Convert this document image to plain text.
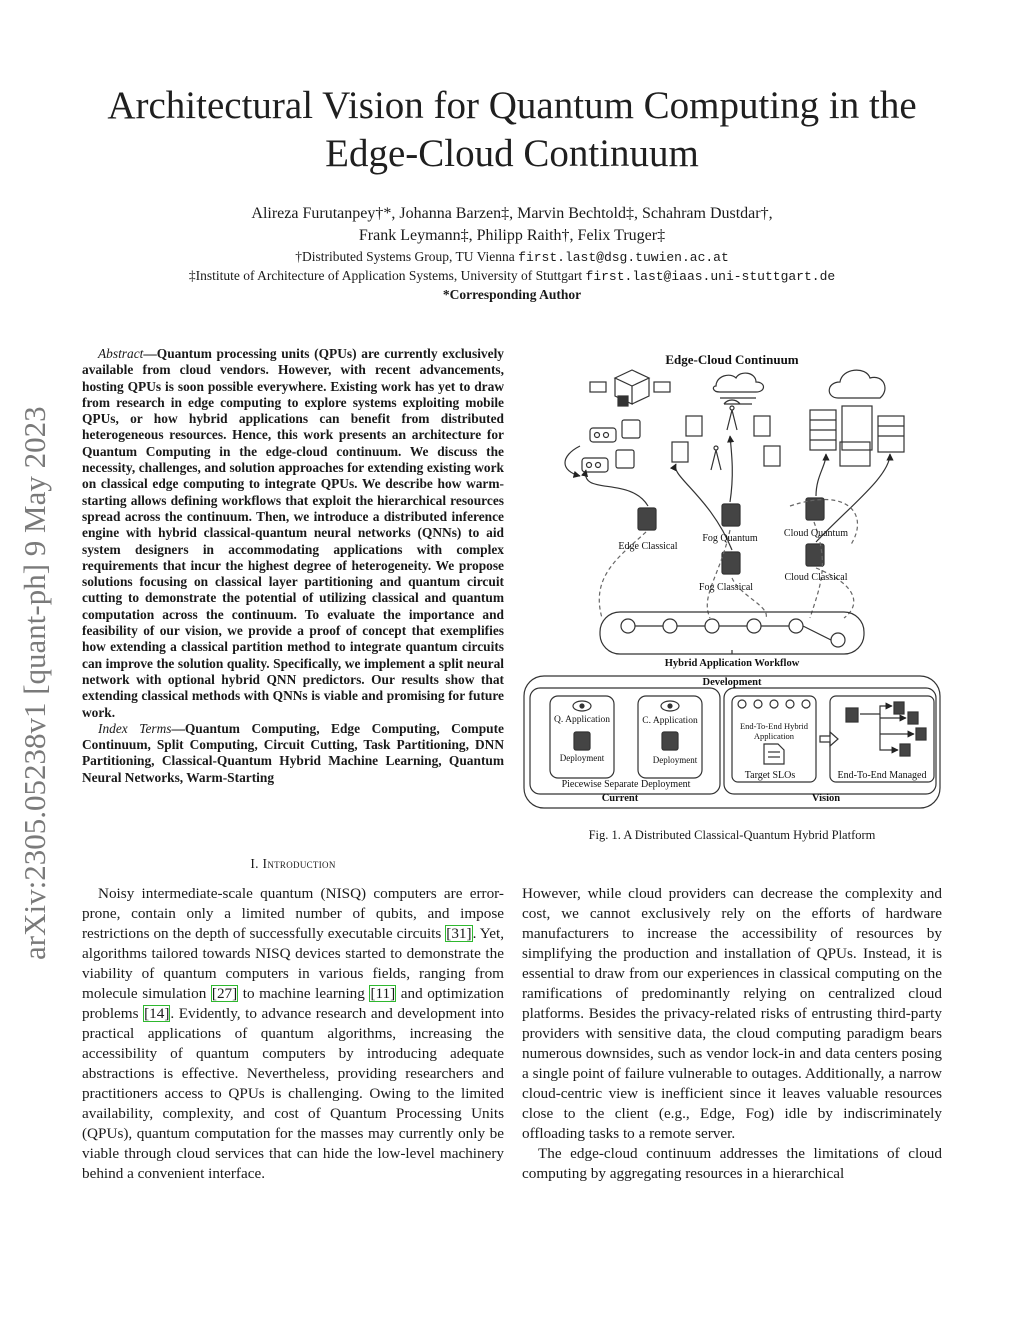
Architectural Vision for Quantum Computing in the
Edge-Cloud Continuum
Alireza Furutanpey†*, Johanna Barzen‡, Marvin Bechtold‡, Schahram Dustdar†,
Frank Leymann‡, Philipp Raith†, Felix Truger‡
†Distributed Systems Group, TU Vienna first.last@dsg.tuwien.ac.at
‡Institute of Architecture of Application Systems, University of Stuttgart first.last@iaas.uni-stuttgart.de
*Corresponding Author
arXiv:2305.05238v1 [quant-ph] 9 May 2023

Abstract—Quantum processing units (QPUs) are currently exclusively available from cloud vendors. However, with recent advancements, hosting QPUs is soon possible everywhere. Existing work has yet to draw from research in edge computing to explore systems exploiting mobile QPUs, or how hybrid applications can benefit from distributed heterogeneous resources. Hence, this work presents an architecture for Quantum Computing in the edge-cloud continuum. We discuss the necessity, challenges, and solution approaches for extending existing work on classical edge computing to integrate QPUs. We describe how warm-starting allows defining workflows that exploit the hierarchical resources spread across the continuum. Then, we introduce a distributed inference engine with hybrid classical-quantum neural networks (QNNs) to aid system designers in accommodating applications with complex requirements that incur the highest degree of heterogeneity. We propose solutions focusing on classical layer partitioning and quantum circuit cutting to demonstrate the potential of utilizing classical and quantum computation across the continuum. To evaluate the importance and feasibility of our vision, we provide a proof of concept that exemplifies how extending a classical partition method to integrate quantum circuits can improve the solution quality. Specifically, we implement a split neural network with optional hybrid QNN predictors. Our results show that extending classical methods with QNNs is viable and promising for future work.

Index Terms—Quantum Computing, Edge Computing, Compute Continuum, Split Computing, Circuit Cutting, Task Partitioning, DNN Partitioning, Classical-Quantum Hybrid Machine Learning, Quantum Neural Networks, Warm-Starting

I. Introduction

Noisy intermediate-scale quantum (NISQ) computers are error-prone, contain only a limited number of qubits, and impose restrictions on the depth of successfully executable circuits [31]. Yet, algorithms tailored towards NISQ devices started to demonstrate the viability of quantum computers in various fields, ranging from molecule simulation [27] to machine learning [11] and optimization problems [14]. Evidently, to advance research and development into practical applications of quantum algorithms, increasing the accessibility of quantum computers by introducing adequate abstractions is effective. Nevertheless, providing researchers and practitioners access to QPUs is challenging. Owing to the limited availability, complexity, and cost of Quantum Processing Units (QPUs), quantum computation for the masses may currently only be viable through cloud services that can hide the low-level machinery behind a convenient interface.

However, while cloud providers can decrease the complexity and cost, we cannot exclusively rely on the efforts of hardware manufacturers to increase the accessibility of resources by simplifying the production and installation of QPUs. Instead, it is essential to draw from our experiences in classical computing on the ramifications of predominantly relying on centralized cloud platforms. Besides the privacy-related risks of entrusting third-party providers with sensitive data, the cloud computing paradigm bears numerous downsides, such as vendor lock-in and data centers posing a single point of failure vulnerable to outages. Additionally, a narrow cloud-centric view is inefficient since it leaves valuable resources close to the client (e.g., Edge, Fog) idle by indiscriminately offloading tasks to a remote server.

The edge-cloud continuum addresses the limitations of cloud computing by aggregating resources in a hierarchical

Edge-Cloud Continuum
Hybrid Application Workflow
Development
Q. Application	C. Application
Deployment	Deployment
Piecewise Separate Deployment
Current
End-To-End Hybrid
Application
Target SLOs	End-To-End Managed
Vision
Edge Classical
Fog Quantum
Fog Classical
Cloud Quantum
Cloud Classical
Fig. 1. A Distributed Classical-Quantum Hybrid Platform
